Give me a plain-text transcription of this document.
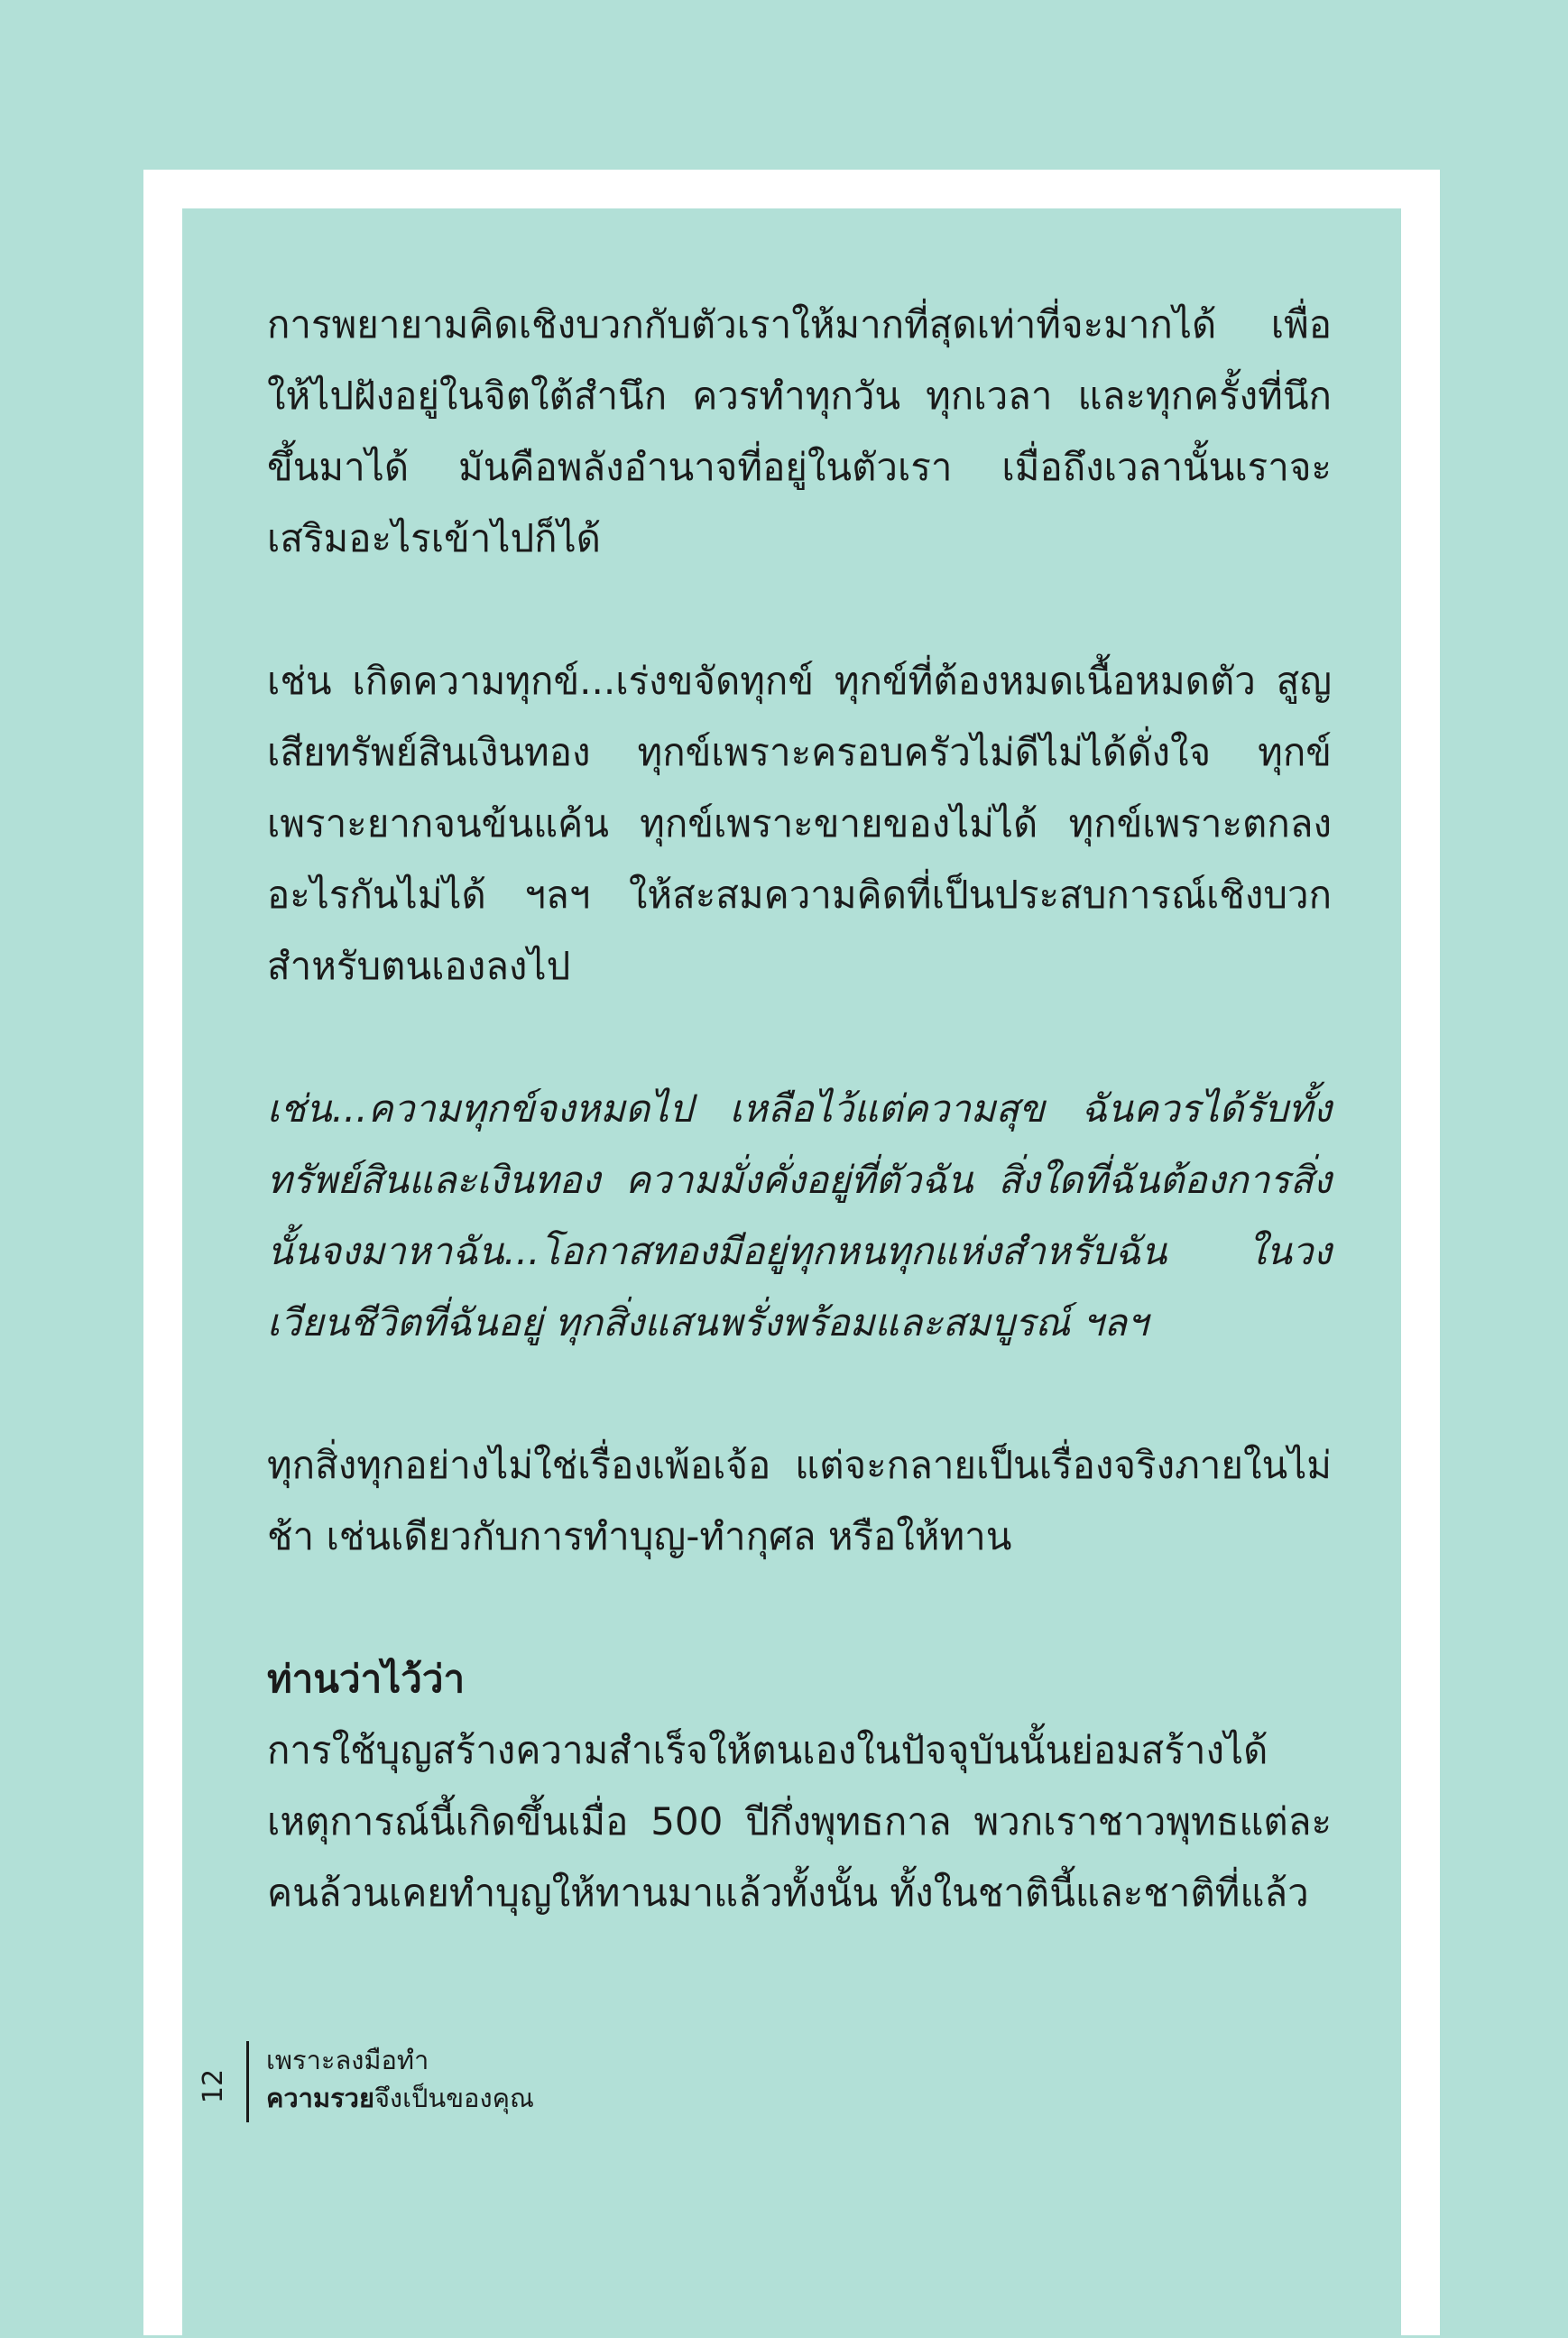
การพยายามคิดเชิงบวกกับตัวเราให้มากที่สุดเท่าที่จะมากได้ เพื่อให้ไปฝังอยู่ในจิตใต้สำนึก ควรทำทุกวัน ทุกเวลา และทุกครั้งที่นึกขึ้นมาได้ มันคือพลังอำนาจที่อยู่ในตัวเรา เมื่อถึงเวลานั้นเราจะเสริมอะไรเข้าไปก็ได้

เช่น เกิดความทุกข์...เร่งขจัดทุกข์ ทุกข์ที่ต้องหมดเนื้อหมดตัว สูญเสียทรัพย์สินเงินทอง ทุกข์เพราะครอบครัวไม่ดีไม่ได้ดั่งใจ ทุกข์เพราะยากจนข้นแค้น ทุกข์เพราะขายของไม่ได้ ทุกข์เพราะตกลงอะไรกันไม่ได้ ฯลฯ ให้สะสมความคิดที่เป็นประสบการณ์เชิงบวกสำหรับตนเองลงไป

เช่น...ความทุกข์จงหมดไป เหลือไว้แต่ความสุข ฉันควรได้รับทั้งทรัพย์สินและเงินทอง ความมั่งคั่งอยู่ที่ตัวฉัน สิ่งใดที่ฉันต้องการสิ่งนั้นจงมาหาฉัน...โอกาสทองมีอยู่ทุกหนทุกแห่งสำหรับฉัน ในวงเวียนชีวิตที่ฉันอยู่ ทุกสิ่งแสนพรั่งพร้อมและสมบูรณ์ ฯลฯ

ทุกสิ่งทุกอย่างไม่ใช่เรื่องเพ้อเจ้อ แต่จะกลายเป็นเรื่องจริงภายในไม่ช้า เช่นเดียวกับการทำบุญ-ทำกุศล หรือให้ทาน

ท่านว่าไว้ว่า

การใช้บุญสร้างความสำเร็จให้ตนเองในปัจจุบันนั้นย่อมสร้างได้ เหตุการณ์นี้เกิดขึ้นเมื่อ 500 ปีกึ่งพุทธกาล พวกเราชาวพุทธแต่ละคนล้วนเคยทำบุญให้ทานมาแล้วทั้งนั้น ทั้งในชาตินี้และชาติที่แล้ว

12
เพราะลงมือทำ
ความรวยจึงเป็นของคุณ
